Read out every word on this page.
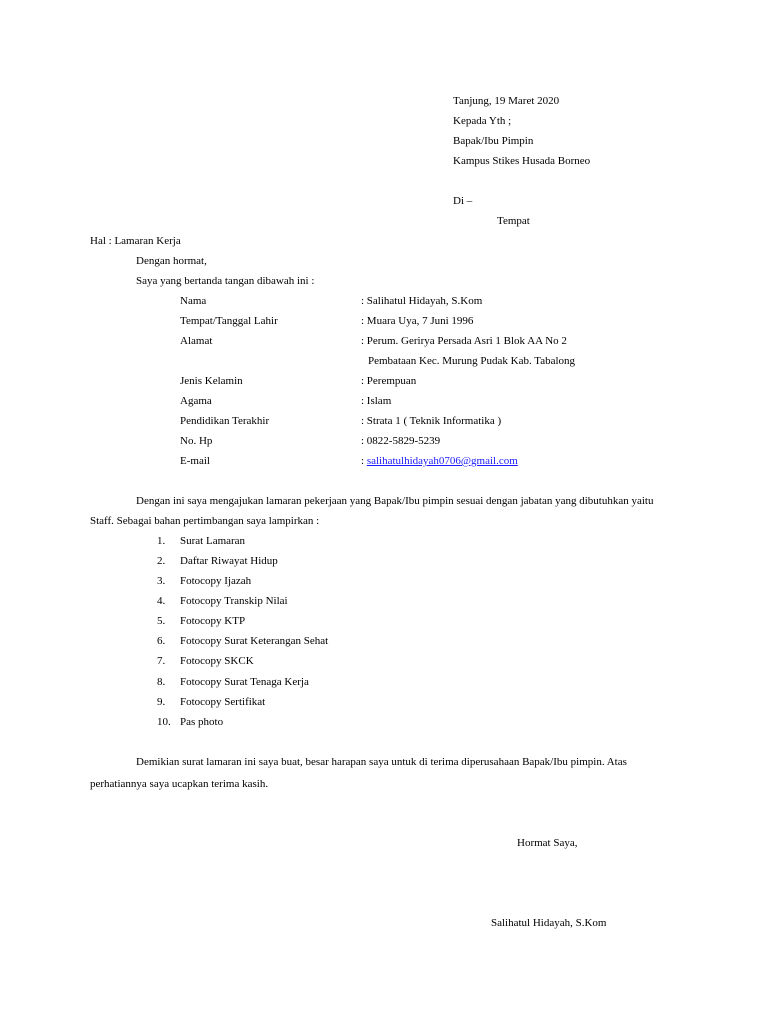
Tanjung, 19 Maret 2020
Kepada Yth ;
Bapak/Ibu Pimpin
Kampus Stikes Husada Borneo
Di –
Tempat
Hal : Lamaran Kerja
Dengan hormat,
Saya yang bertanda tangan dibawah ini :
Nama	: Salihatul Hidayah, S.Kom
Tempat/Tanggal Lahir	: Muara Uya, 7 Juni 1996
Alamat	: Perum. Gerirya Persada Asri 1 Blok AA No 2
Pembataan Kec. Murung Pudak Kab. Tabalong
Jenis Kelamin	: Perempuan
Agama	: Islam
Pendidikan Terakhir	: Strata 1 ( Teknik Informatika )
No. Hp	: 0822-5829-5239
E-mail	: salihatulhidayah0706@gmail.com
Dengan ini saya mengajukan lamaran pekerjaan yang Bapak/Ibu pimpin sesuai dengan jabatan yang dibutuhkan yaitu
Staff. Sebagai bahan pertimbangan saya lampirkan :
1. Surat Lamaran
2. Daftar Riwayat Hidup
3. Fotocopy Ijazah
4. Fotocopy Transkip Nilai
5. Fotocopy KTP
6. Fotocopy Surat Keterangan Sehat
7. Fotocopy SKCK
8. Fotocopy Surat Tenaga Kerja
9. Fotocopy Sertifikat
10. Pas photo
Demikian surat lamaran ini saya buat, besar harapan saya untuk di terima diperusahaan Bapak/Ibu pimpin. Atas
perhatiannya saya ucapkan terima kasih.
Hormat Saya,
Salihatul Hidayah, S.Kom
